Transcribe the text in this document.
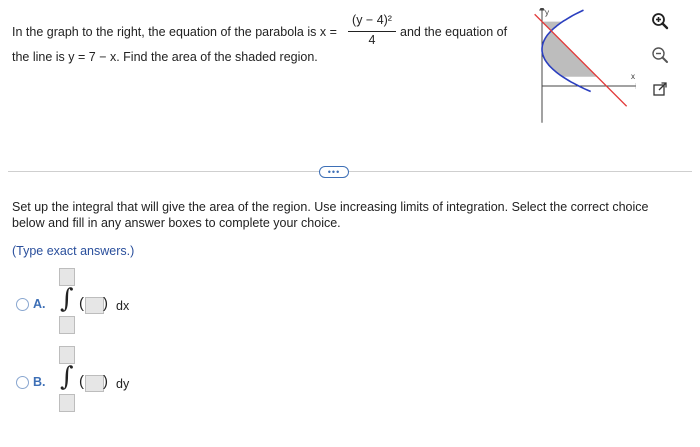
In the graph to the right, the equation of the parabola is x =
(y − 4)²
4
and the equation of
the line is y = 7 − x. Find the area of the shaded region.
y
x
•••
Set up the integral that will give the area of the region. Use increasing limits of integration. Select the correct choice
below and fill in any answer boxes to complete your choice.
(Type exact answers.)
A. ∫ ( ) dx
B. ∫ ( ) dy
